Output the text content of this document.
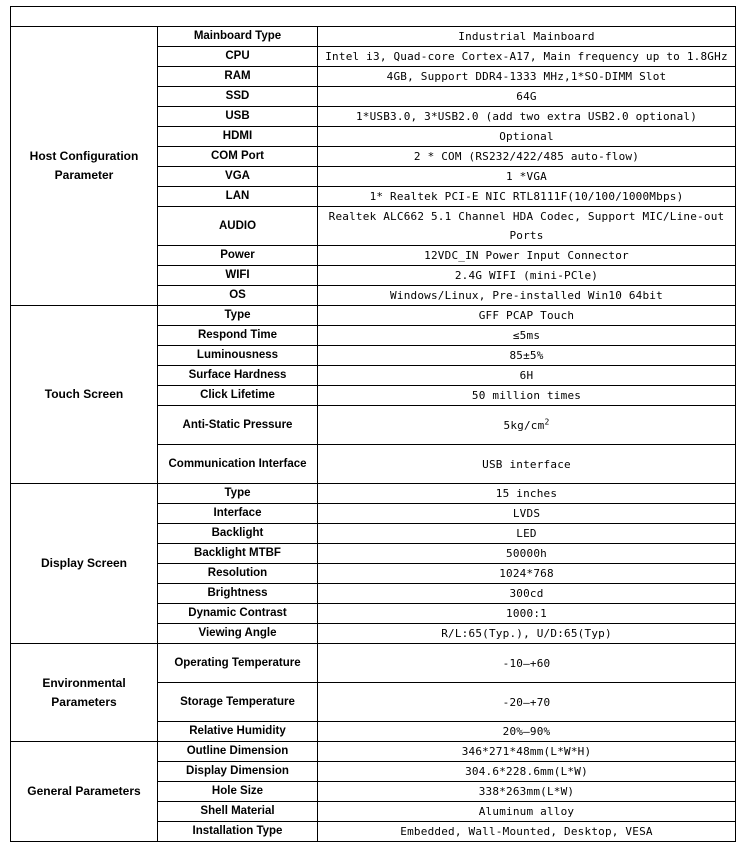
Host Configuration Parameter	Mainboard Type	Industrial Mainboard
	CPU	Intel i3, Quad-core Cortex-A17, Main frequency up to 1.8GHz
	RAM	4GB, Support DDR4-1333 MHz,1*SO-DIMM Slot
	SSD	64G
	USB	1*USB3.0, 3*USB2.0 (add two extra USB2.0 optional)
	HDMI	Optional
	COM Port	2 * COM (RS232/422/485 auto-flow)
	VGA	1 *VGA
	LAN	1* Realtek PCI-E NIC RTL8111F(10/100/1000Mbps)
	AUDIO	Realtek ALC662 5.1 Channel HDA Codec, Support MIC/Line-out Ports
	Power	12VDC_IN Power Input Connector
	WIFI	2.4G WIFI (mini-PCle)
	OS	Windows/Linux, Pre-installed Win10 64bit
Touch Screen	Type	GFF PCAP Touch
	Respond Time	≤5ms
	Luminousness	85±5%
	Surface Hardness	6H
	Click Lifetime	50 million times
	Anti-Static Pressure	$5kg/cm^2$
	Communication Interface	USB interface
Display Screen	Type	15 inches
	Interface	LVDS
	Backlight	LED
	Backlight MTBF	50000h
	Resolution	1024*768
	Brightness	300cd
	Dynamic Contrast	1000:1
	Viewing Angle	R/L:65(Typ.), U/D:65(Typ)
Environmental Parameters	Operating Temperature	-10—+60
	Storage Temperature	-20—+70
	Relative Humidity	20%—90%
General Parameters	Outline Dimension	346*271*48mm(L*W*H)
	Display Dimension	304.6*228.6mm(L*W)
	Hole Size	338*263mm(L*W)
	Shell Material	Aluminum alloy
	Installation Type	Embedded, Wall-Mounted, Desktop, VESA
